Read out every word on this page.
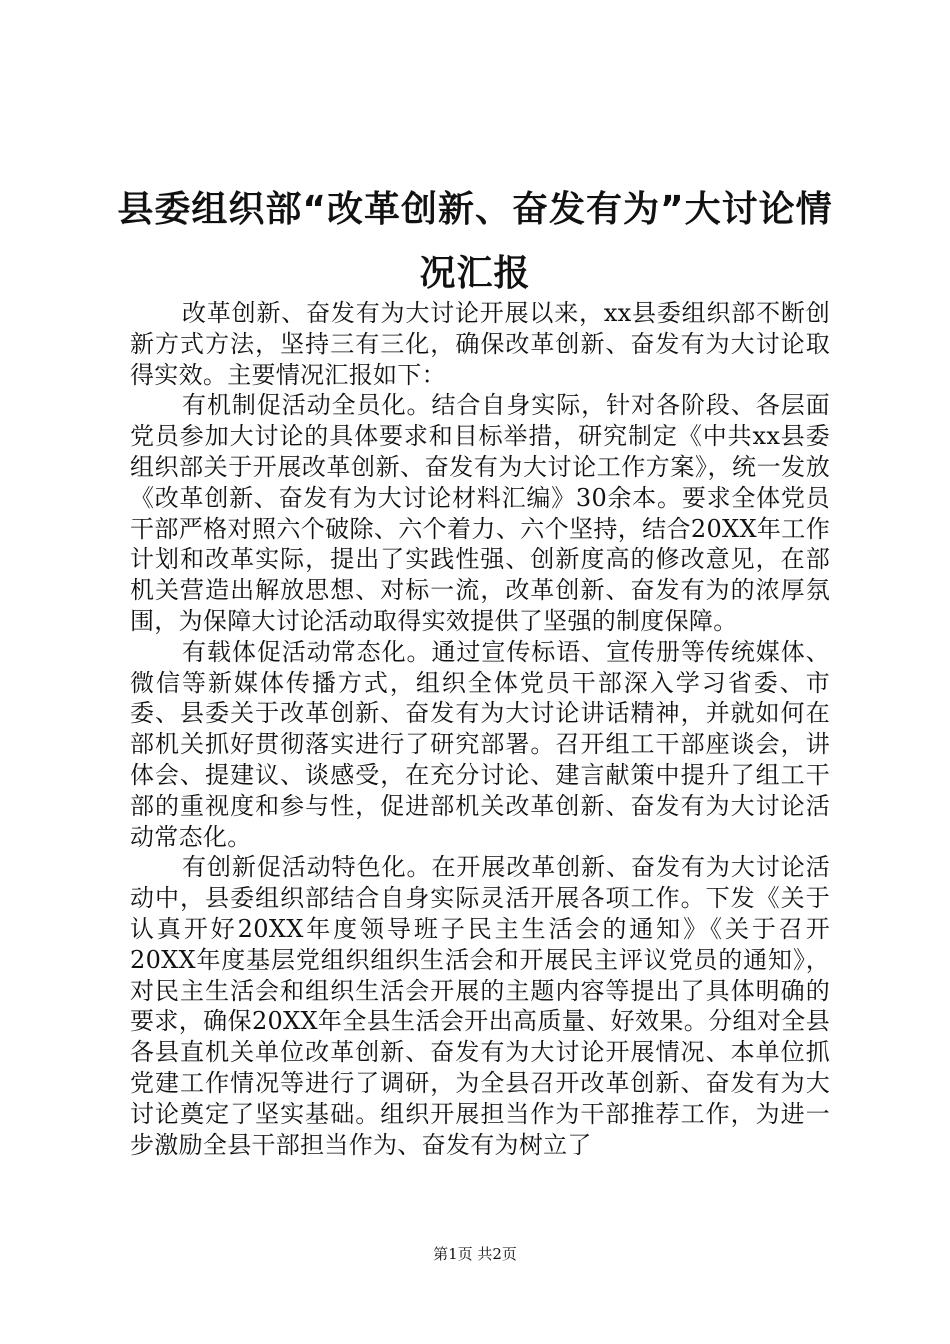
县委组织部“改革创新、奋发有为”大讨论情
况汇报

改革创新、奋发有为大讨论开展以来，xx县委组织部不断创新方式方法，坚持三有三化，确保改革创新、奋发有为大讨论取得实效。主要情况汇报如下：

有机制促活动全员化。结合自身实际，针对各阶段、各层面党员参加大讨论的具体要求和目标举措，研究制定《中共xx县委组织部关于开展改革创新、奋发有为大讨论工作方案》，统一发放《改革创新、奋发有为大讨论材料汇编》30余本。要求全体党员干部严格对照六个破除、六个着力、六个坚持，结合20XX年工作计划和改革实际，提出了实践性强、创新度高的修改意见，在部机关营造出解放思想、对标一流，改革创新、奋发有为的浓厚氛围，为保障大讨论活动取得实效提供了坚强的制度保障。

有载体促活动常态化。通过宣传标语、宣传册等传统媒体、微信等新媒体传播方式，组织全体党员干部深入学习省委、市委、县委关于改革创新、奋发有为大讨论讲话精神，并就如何在部机关抓好贯彻落实进行了研究部署。召开组工干部座谈会，讲体会、提建议、谈感受，在充分讨论、建言献策中提升了组工干部的重视度和参与性，促进部机关改革创新、奋发有为大讨论活动常态化。

有创新促活动特色化。在开展改革创新、奋发有为大讨论活动中，县委组织部结合自身实际灵活开展各项工作。下发《关于认真开好20XX年度领导班子民主生活会的通知》《关于召开20XX年度基层党组织组织生活会和开展民主评议党员的通知》，对民主生活会和组织生活会开展的主题内容等提出了具体明确的要求，确保20XX年全县生活会开出高质量、好效果。分组对全县各县直机关单位改革创新、奋发有为大讨论开展情况、本单位抓党建工作情况等进行了调研，为全县召开改革创新、奋发有为大讨论奠定了坚实基础。组织开展担当作为干部推荐工作，为进一步激励全县干部担当作为、奋发有为树立了

第1页 共2页
